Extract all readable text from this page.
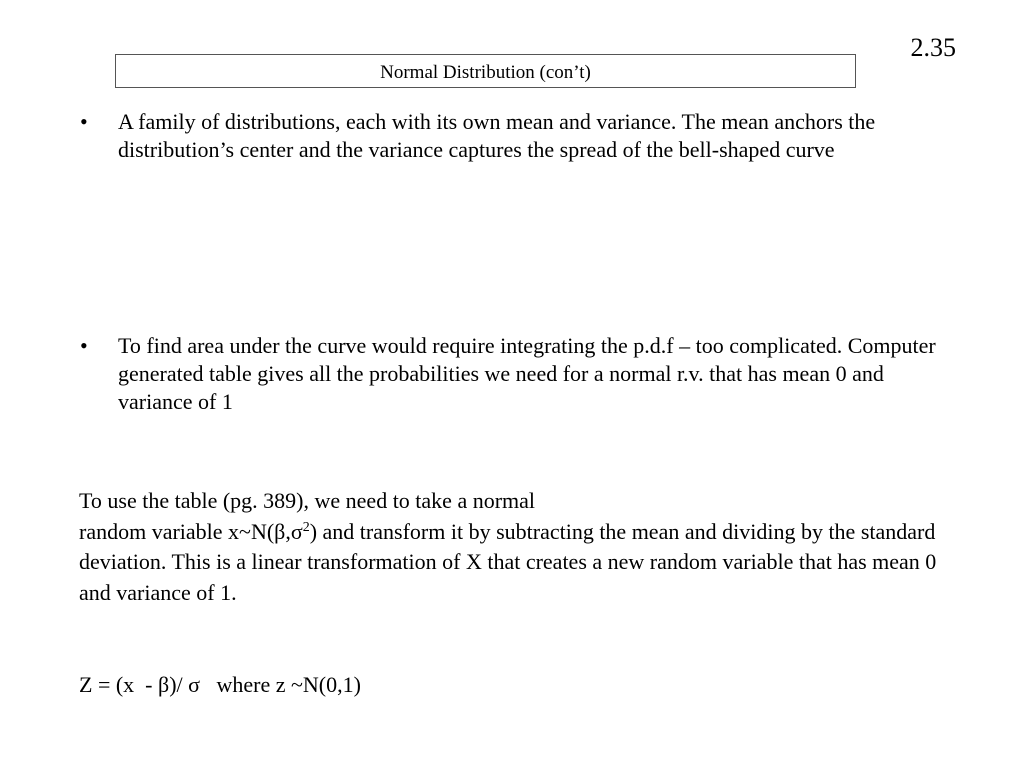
2.35
Normal Distribution (con’t)
•	A family of distributions, each with its own mean and variance. The mean anchors the distribution’s center and the variance captures the spread of the bell-shaped curve
•	To find area under the curve would require integrating the p.d.f – too complicated. Computer generated table gives all the probabilities we need for a normal r.v. that has mean 0 and variance of 1
To use the table (pg. 389), we need to take a normal
random variable $x\sim N(\beta,\sigma^2)$ and transform it by subtracting the mean and dividing by the standard
deviation. This is a linear transformation of X that creates a new random variable that has mean 0 and variance of 1.
Z = (x  - β)/ σ   where z ~N(0,1)
